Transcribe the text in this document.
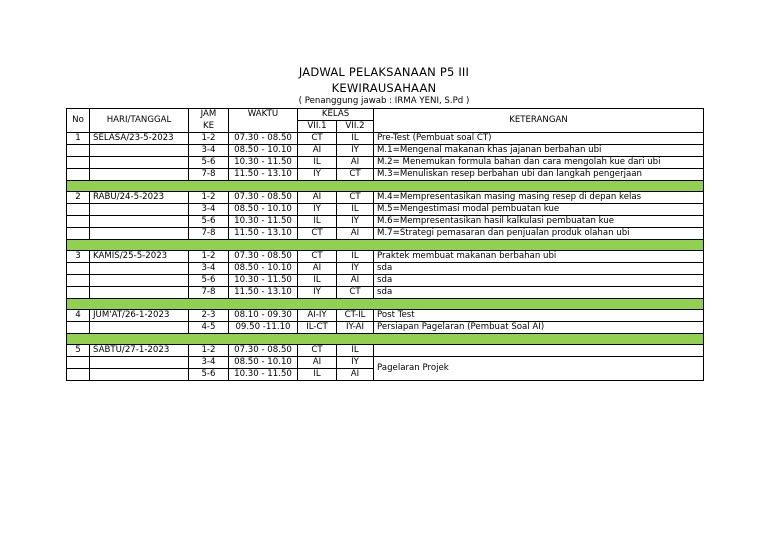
JADWAL PELAKSANAAN P5 III
KEWIRAUSAHAAN
( Penanggung jawab : IRMA YENI, S.Pd )
No	HARI/TANGGAL	JAM	WAKTU	KELAS		KETERANGAN
		KE		VII.1	VII.2	
1	SELASA/23-5-2023	1-2	07.30 - 08.50	CT	IL	Pre-Test (Pembuat soal CT)
		3-4	08.50 - 10.10	AI	IY	M.1=Mengenal makanan khas jajanan berbahan ubi
		5-6	10.30 - 11.50	IL	AI	M.2= Menemukan formula bahan dan cara mengolah kue dari ubi
		7-8	11.50 - 13.10	IY	CT	M.3=Menuliskan resep berbahan ubi dan langkah pengerjaan

2	RABU/24-5-2023	1-2	07.30 - 08.50	AI	CT	M.4=Mempresentasikan masing masing resep di depan kelas
		3-4	08.50 - 10.10	IY	IL	M.5=Mengestimasi modal pembuatan kue
		5-6	10.30 - 11.50	IL	IY	M.6=Mempresentasikan hasil kalkulasi pembuatan kue
		7-8	11.50 - 13.10	CT	AI	M.7=Strategi pemasaran dan penjualan produk olahan ubi

3	KAMIS/25-5-2023	1-2	07.30 - 08.50	CT	IL	Praktek membuat makanan berbahan ubi
		3-4	08.50 - 10.10	AI	IY	sda
		5-6	10.30 - 11.50	IL	AI	sda
		7-8	11.50 - 13.10	IY	CT	sda

4	JUM'AT/26-1-2023	2-3	08.10 - 09.30	AI-IY	CT-IL	Post Test
		4-5	09.50 -11.10	IL-CT	IY-AI	Persiapan Pagelaran (Pembuat Soal AI)

5	SABTU/27-1-2023	1-2	07.30 - 08.50	CT	IL	
		3-4	08.50 - 10.10	AI	IY	Pagelaran Projek
		5-6	10.30 - 11.50	IL	AI	
